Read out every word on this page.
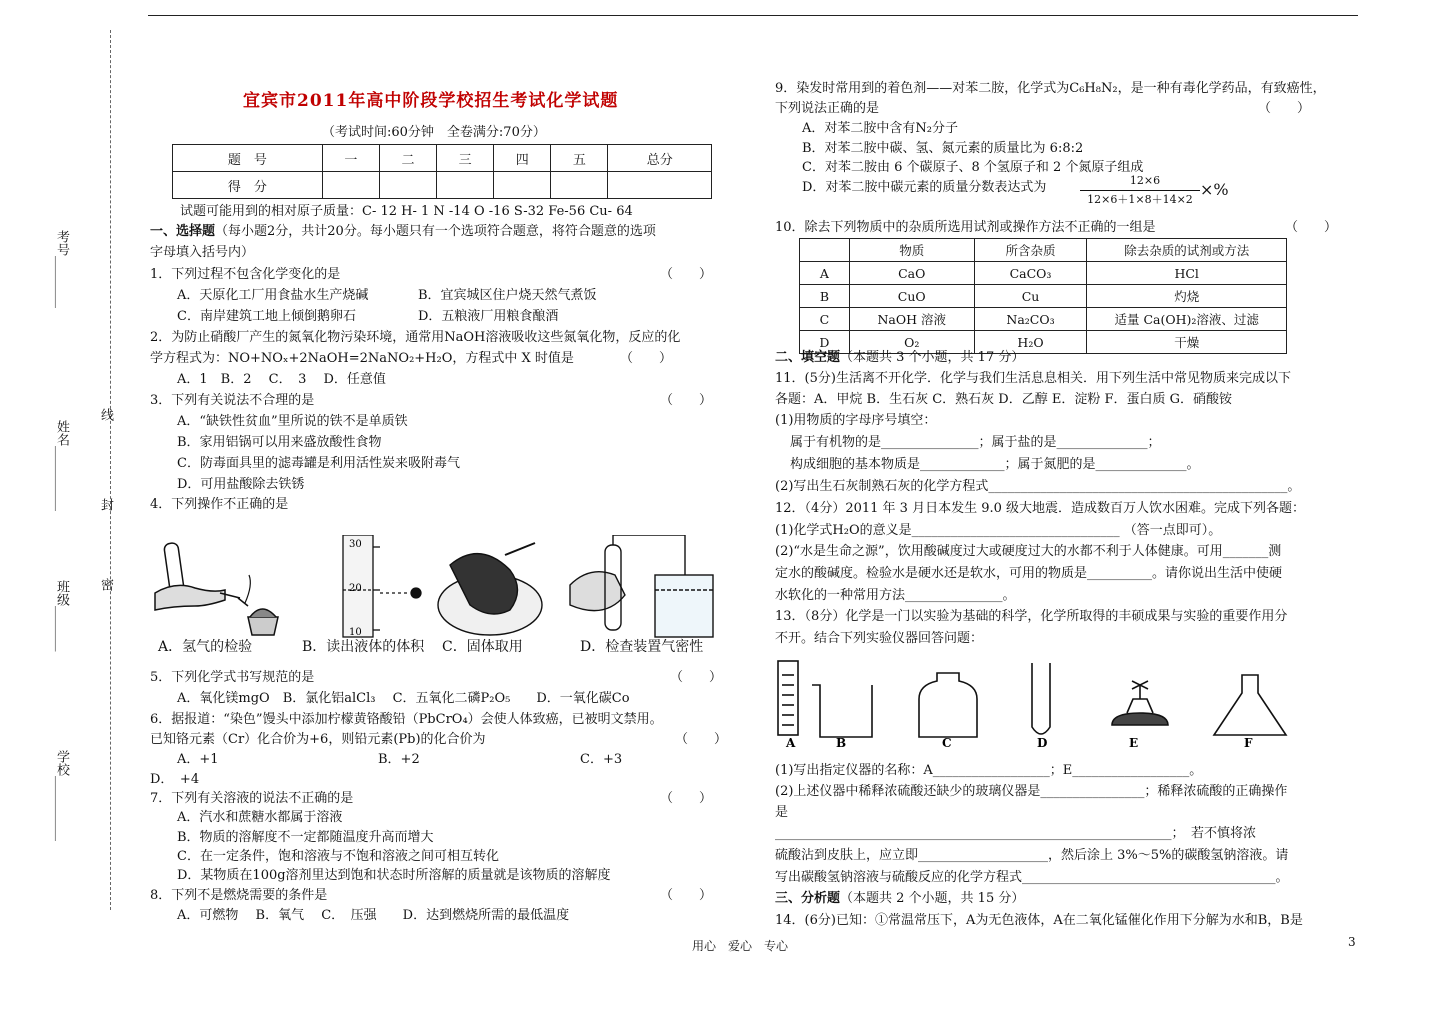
学校__________
班级_______
姓名__________
考号________
密
封
线
宜宾市2011年高中阶段学校招生考试化学试题
（考试时间:60分钟　全卷满分:70分）
题　号	一	二	三	四	五	总分
得　分						
试题可能用到的相对原子质量：C- 12 H- 1 N -14 O -16 S-32 Fe-56 Cu- 64
一、选择题（每小题2分，共计20分。每小题只有一个选项符合题意，将符合题意的选项
字母填入括号内）
1．下列过程不包含化学变化的是	（　　）
A．天原化工厂用食盐水生产烧碱	B．宜宾城区住户烧天然气煮饭
C．南岸建筑工地上倾倒鹅卵石	D．五粮液厂用粮食酿酒
2．为防止硝酸厂产生的氮氧化物污染环境，通常用NaOH溶液吸收这些氮氧化物，反应的化
学方程式为：NO+NOₓ+2NaOH=2NaNO₂+H₂O，方程式中 X 时值是	（　　）
A．1　B．2　 C．　3　 D．任意值
3．下列有关说法不合理的是	（　　）
A．“缺铁性贫血”里所说的铁不是单质铁
B．家用铝锅可以用来盛放酸性食物
C．防毒面具里的滤毒罐是利用活性炭来吸附毒气
D．可用盐酸除去铁锈
4．下列操作不正确的是
30
20
10
A．氢气的检验	B．读出液体的体积 C．固体取用	D．检查装置气密性
5．下列化学式书写规范的是	（　　）
A．氧化镁mgO　B．氯化铝alCl₃　 C．五氧化二磷P₂O₅　　D．一氧化碳Co
6．据报道：“染色”馒头中添加柠檬黄铬酸铅（PbCrO₄）会使人体致癌，已被明文禁用。
已知铬元素（Cr）化合价为+6，则铅元素(Pb)的化合价为	（　　）
A．+1	B．+2	C．+3
D．　+4
7．下列有关溶液的说法不正确的是	（　　）
A．汽水和蔗糖水都属于溶液
B．物质的溶解度不一定都随温度升高而增大
C．在一定条件，饱和溶液与不饱和溶液之间可相互转化
D．某物质在100g溶剂里达到饱和状态时所溶解的质量就是该物质的溶解度
8．下列不是燃烧需要的条件是	（　　）
A．可燃物　 B．氧气　 C．　压强　　D．达到燃烧所需的最低温度
9．染发时常用到的着色剂——对苯二胺，化学式为C₆H₈N₂，是一种有毒化学药品，有致癌性，
下列说法正确的是	（　　）
A．对苯二胺中含有N₂分子
B．对苯二胺中碳、氢、氮元素的质量比为 6:8:2
C．对苯二胺由 6 个碳原子、8 个氢原子和 2 个氮原子组成
D．对苯二胺中碳元素的质量分数表达式为	12×6
12×6＋1×8＋14×2
×%
10．除去下列物质中的杂质所选用试剂或操作方法不正确的一组是	（　　）
	物质	所含杂质	除去杂质的试剂或方法
A	CaO	CaCO₃	HCl
B	CuO	Cu	灼烧
C	NaOH 溶液	Na₂CO₃	适量 Ca(OH)₂溶液、过滤
D	O₂	H₂O	干燥
二、填空题（本题共 3 个小题，共 17 分）
11．(5分)生活离不开化学．化学与我们生活息息相关．用下列生活中常见物质来完成以下
各题：A．甲烷 B．生石灰 C．熟石灰 D．乙醇 E．淀粉 F．蛋白质 G．硝酸铵
(1)用物质的字母序号填空：
属于有机物的是_______________；属于盐的是______________；
构成细胞的基本物质是_____________；属于氮肥的是______________。
(2)写出生石灰制熟石灰的化学方程式______________________________________________。
12．（4分）2011 年 3 月日本发生 9.0 级大地震．造成数百万人饮水困难。完成下列各题：
(1)化学式H₂O的意义是________________________________ （答一点即可）。
(2)“水是生命之源”，饮用酸碱度过大或硬度过大的水都不利于人体健康。可用_______测
定水的酸碱度。检验水是硬水还是软水，可用的物质是__________。请你说出生活中使硬
水软化的一种常用方法_______________。
13．（8分）化学是一门以实验为基础的科学，化学所取得的丰硕成果与实验的重要作用分
不开。结合下列实验仪器回答问题：
A	B	C	D	E	F
(1)写出指定仪器的名称：A__________________；E__________________。
(2)上述仪器中稀释浓硫酸还缺少的玻璃仪器是________________；稀释浓硫酸的正确操作
是
_____________________________________________________________；　若不慎将浓
硫酸沾到皮肤上，应立即____________________，然后涂上 3%～5%的碳酸氢钠溶液。请
写出碳酸氢钠溶液与硫酸反应的化学方程式_______________________________________。
三、分析题（本题共 2 个小题，共 15 分）
14．(6分)已知：①常温常压下，A为无色液体，A在二氧化锰催化作用下分解为水和B，B是
用心　爱心　专心	3
